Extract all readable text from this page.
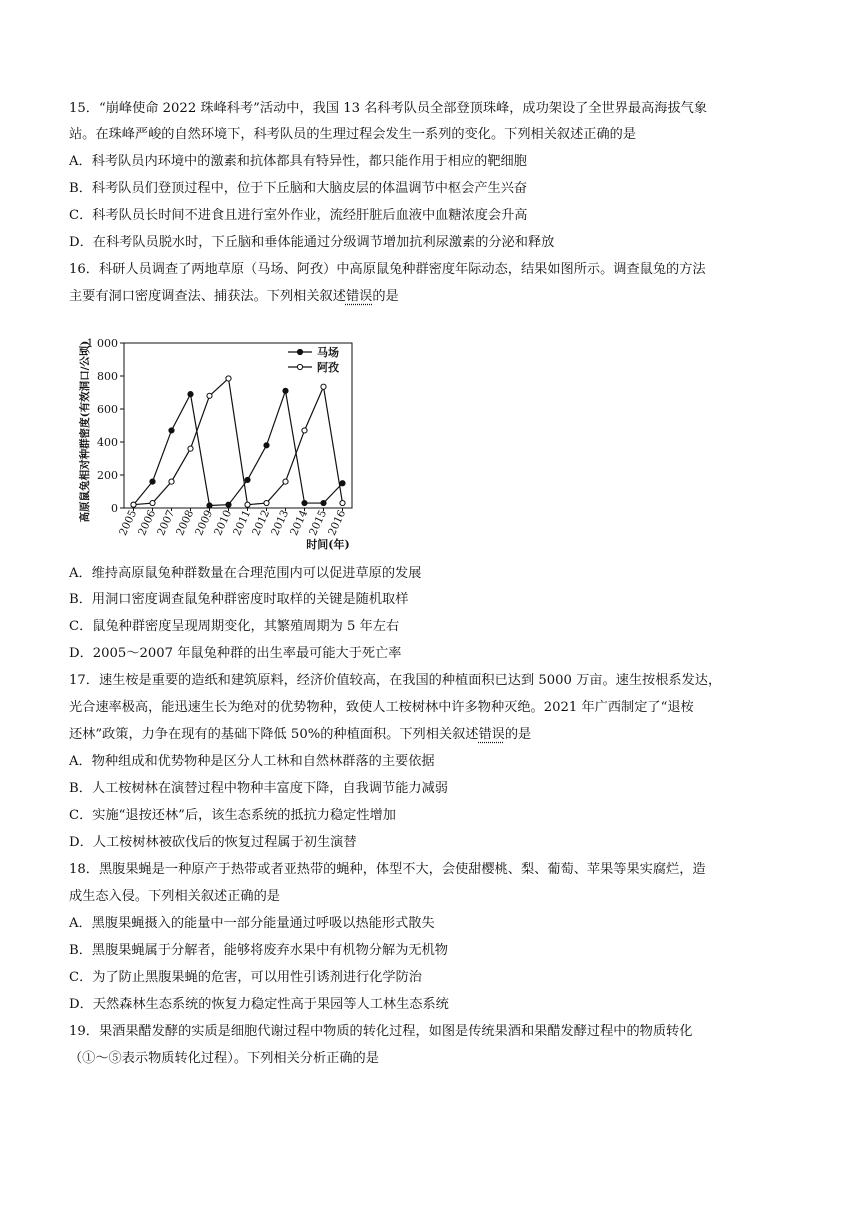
15．“崩峰使命 2022 珠峰科考”活动中，我国 13 名科考队员全部登顶珠峰，成功架设了全世界最高海拔气象
站。在珠峰严峻的自然环境下，科考队员的生理过程会发生一系列的变化。下列相关叙述正确的是
A．科考队员内环境中的激素和抗体都具有特异性，都只能作用于相应的靶细胞
B．科考队员们登顶过程中，位于下丘脑和大脑皮层的体温调节中枢会产生兴奋
C．科考队员长时间不进食且进行室外作业，流经肝脏后血液中血糖浓度会升高
D．在科考队员脱水时，下丘脑和垂体能通过分级调节增加抗利尿激素的分泌和释放
16．科研人员调查了两地草原（马场、阿孜）中高原鼠兔种群密度年际动态，结果如图所示。调查鼠兔的方法
主要有洞口密度调查法、捕获法。下列相关叙述错误的是
0
200
400
600
800
1 000
2005
2006
2007
2008
2009
2010
2011
2012
2013
2014
2015
2016
高原鼠兔相对种群密度(有效洞口/公顷)
时间(年)
马场
阿孜
A．维持高原鼠兔种群数量在合理范围内可以促进草原的发展
B．用洞口密度调查鼠兔种群密度时取样的关键是随机取样
C．鼠兔种群密度呈现周期变化，其繁殖周期为 5 年左右
D．2005～2007 年鼠兔种群的出生率最可能大于死亡率
17．速生桉是重要的造纸和建筑原料，经济价值较高，在我国的种植面积已达到 5000 万亩。速生按根系发达，
光合速率极高，能迅速生长为绝对的优势物种，致使人工桉树林中许多物种灭绝。2021 年广西制定了“退桉
还林”政策，力争在现有的基础下降低 50%的种植面积。下列相关叙述错误的是
A．物种组成和优势物种是区分人工林和自然林群落的主要依据
B．人工桉树林在演替过程中物种丰富度下降，自我调节能力减弱
C．实施“退按还林”后，该生态系统的抵抗力稳定性增加
D．人工桉树林被砍伐后的恢复过程属于初生演替
18．黑腹果蝇是一种原产于热带或者亚热带的蝇种，体型不大，会使甜樱桃、梨、葡萄、苹果等果实腐烂，造
成生态入侵。下列相关叙述正确的是
A．黑腹果蝇摄入的能量中一部分能量通过呼吸以热能形式散失
B．黑腹果蝇属于分解者，能够将废弃水果中有机物分解为无机物
C．为了防止黑腹果蝇的危害，可以用性引诱剂进行化学防治
D．天然森林生态系统的恢复力稳定性高于果园等人工林生态系统
19．果酒果醋发酵的实质是细胞代谢过程中物质的转化过程，如图是传统果酒和果醋发酵过程中的物质转化
（①～⑤表示物质转化过程）。下列相关分析正确的是
